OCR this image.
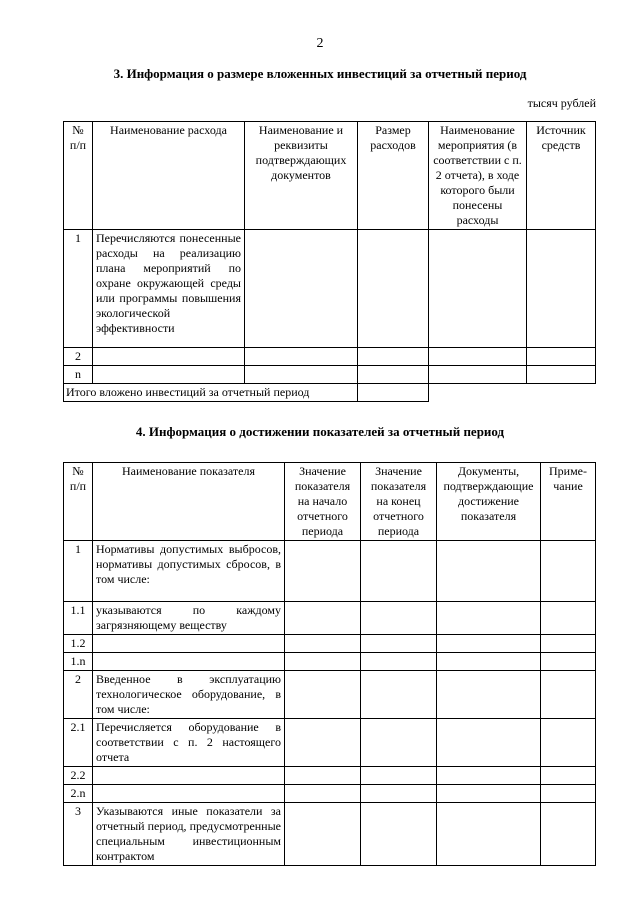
2
3. Информация о размере вложенных инвестиций за отчетный период
тысяч рублей
№ п/п	Наименование расхода	Наименование и реквизиты подтверждающих документов	Размер расходов	Наименование мероприятия (в соответствии с п. 2 отчета), в ходе которого были понесены расходы	Источник средств
1	Перечисляются понесенные расходы на реализацию плана мероприятий по охране окружающей среды или программы повышения экологической эффективности				
2					
n					
Итого вложено инвестиций за отчетный период					
4. Информация о достижении показателей за отчетный период
№ п/п	Наименование показателя	Значение показателя на начало отчетного периода	Значение показателя на конец отчетного периода	Документы, подтверждающие достижение показателя	Приме-чание
1	Нормативы допустимых выбросов, нормативы допустимых сбросов, в том числе:				
1.1	указываются по каждому загрязняющему веществу				
1.2					
1.n					
2	Введенное в эксплуатацию технологическое оборудование, в том числе:				
2.1	Перечисляется оборудование в соответствии с п. 2 настоящего отчета				
2.2					
2.n					
3	Указываются иные показатели за отчетный период, предусмотренные специальным инвестиционным контрактом				
